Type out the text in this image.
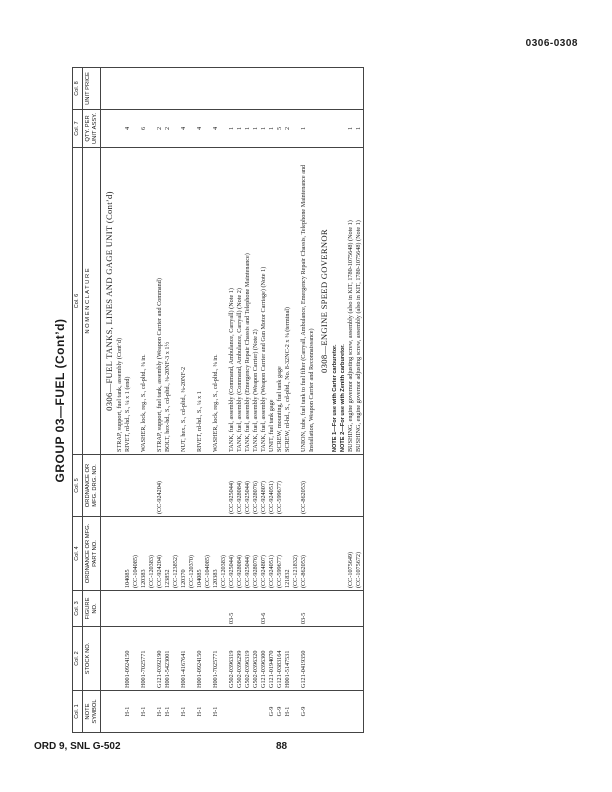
0306-0308
ORD 9, SNL G-502	88
GROUP 03—FUEL (Cont’d)
Col. 1 NOTE SYMBOL	Col. 2 STOCK NO.	Col. 3 FIGURE NO.	Col. 4 ORDNANCE OR MFG. PART NO.	Col. 5 ORDNANCE OR MFG. DRG. NO.	Col. 6 N O M E N C L A T U R E	Col. 7 QTY. PER UNIT ASSY.	Col. 8 UNIT PRICE

					0306—FUEL TANKS, LINES AND GAGE UNIT (Cont’d)		

					STRAP, support, fuel tank, assembly (Cont’d)		

H-1	H001-0924150		104085		RIVET, rd-hd., S., ¼ x 1 (end)	4	
			(CC-104085)		

H-1	H001-7025771		120383		WASHER, lock, reg., S., cd-pltd., ⅜ in.	6	
			(CC-120383)		

H-1	G121-0392190		(CC-924204)	(CC-924204)	STRAP, support, fuel tank, assembly (Weapon Carrier and Command)	2	
H-1	H001-5423001		123852		BOLT, hex-hd., S., cd-pltd., ⅜-20NF-3 x 1½	2	
			(CC-123852)		

H-1	H001-4167641		120370		NUT, hex., S., cd-pltd., ⅜-20NF-2	4	
			(CC-120370)		

H-1	H001-0924150		104085		RIVET, rd-hd., S., ¼ x 1	4	
			(CC-104085)		

H-1	H001-7025771		120383		WASHER, lock, reg., S., cd-pltd., ⅜ in.	4	
			(CC-120383)		

	G502-0396319	03-5	(CC-925044)	(CC-925044)	TANK, fuel, assembly (Command, Ambulance, Carryall) (Note 1)	1	
	G502-0396299		(CC-928084)	(CC-928084)	TANK, fuel, assembly (Command, Ambulance, Carryall) (Note 2)	1	
	G502-0396319		(CC-925044)	(CC-925044)	TANK, fuel, assembly (Emergency Repair Chassis and Telephone Maintenance)	1	
	G502-0396320		(CC-928076)	(CC-928076)	TANK, fuel, assembly (Weapon Carrier) (Note 2)	1	
	G121-0396300	03-6	(CC-924807)	(CC-924807)	TANK, fuel, assembly (Weapon Carrier and Gun Motor Carriage) (Note 1)	1	
G-9	G121-0194070		(CC-924051)	(CC-924051)	UNIT, fuel tank gage	1	
G-9	G121-0383164		(CC-599677)	(CC-599677)	SCREW, mounting, fuel tank gage	5	
H-1	H001-5147531		121832		SCREW, rd-hd., S., cd-pltd., No. 8-32NC-2 x ⅜ (terminal)	2	
			(CC-121832)		

G-9	G121-0419350	03-5	(CC-862053)	(CC-862053)	UNION, tube, fuel tank to fuel filter (Carryall, Ambulance, Emergency Repair Chassis, Telephone Maintenance and Installation, Weapon Carrier and Reconnaissance)	1	

					0308—ENGINE SPEED GOVERNOR		

					NOTE 1—For use with Carter carburetor.		

					NOTE 2—For use with Zenith carburetor.		

			(CC-1075649)		BUSHING, engine governor adjusting screw, assembly (also in KIT, 1780-1075648) (Note 1)	1	
			(CC-1075672)		BUSHING, engine governor adjusting screw, assembly (also in KIT, 1780-1075648) (Note 1)	1	
